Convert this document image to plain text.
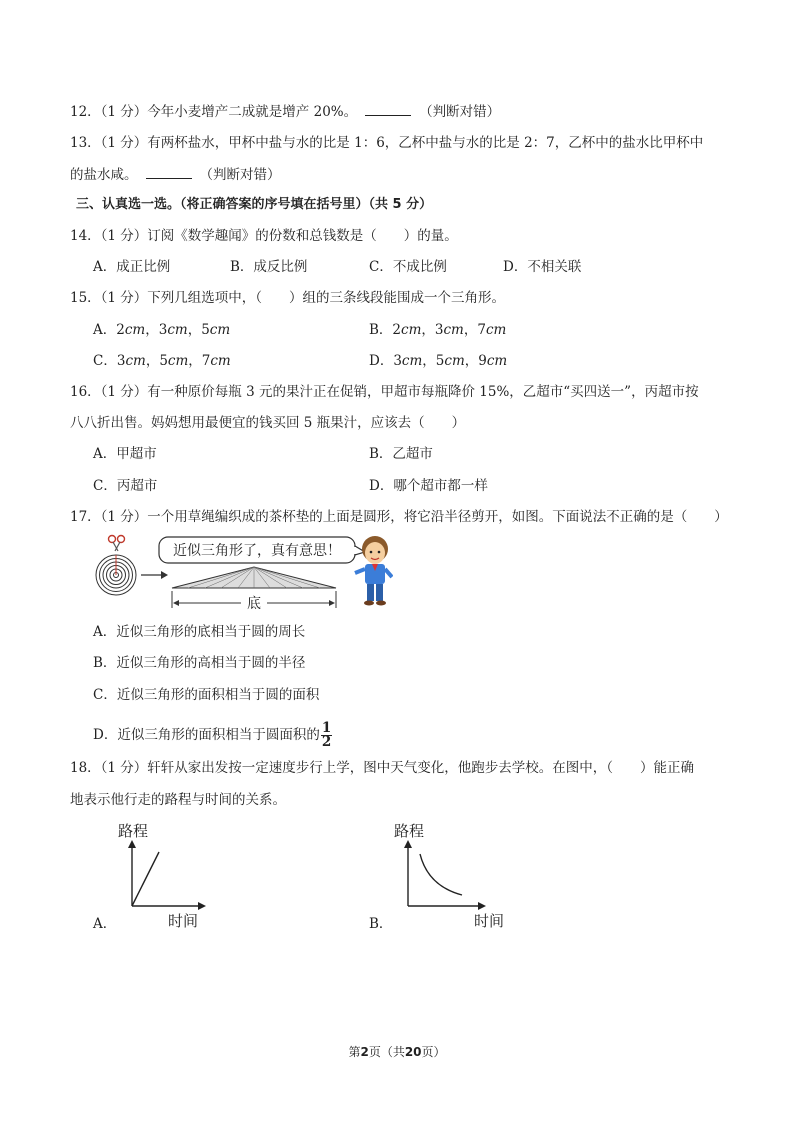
12．（1 分）今年小麦增产二成就是增产 20%。	（判断对错）
13．（1 分）有两杯盐水，甲杯中盐与水的比是 1：6，乙杯中盐与水的比是 2：7，乙杯中的盐水比甲杯中
的盐水咸。	（判断对错）
三、认真选一选。（将正确答案的序号填在括号里）（共 5 分）
14．（1 分）订阅《数学趣闻》的份数和总钱数是（　　）的量。
A．成正比例	B．成反比例	C．不成比例	D．不相关联
15．（1 分）下列几组选项中，（　　）组的三条线段能围成一个三角形。
A．2cm，3cm，5cm	B．2cm，3cm，7cm
C．3cm，5cm，7cm	D．3cm，5cm，9cm
16．（1 分）有一种原价每瓶 3 元的果汁正在促销，甲超市每瓶降价 15%，乙超市“买四送一”，丙超市按
八八折出售。妈妈想用最便宜的钱买回 5 瓶果汁，应该去（　　）
A．甲超市	B．乙超市
C．丙超市	D．哪个超市都一样
17．（1 分）一个用草绳编织成的茶杯垫的上面是圆形，将它沿半径剪开，如图。下面说法不正确的是（　　）
底
近似三角形了，真有意思！
A．近似三角形的底相当于圆的周长
B．近似三角形的高相当于圆的半径
C．近似三角形的面积相当于圆的面积
D．近似三角形的面积相当于圆面积的 $\frac{1}{2}$
18．（1 分）轩轩从家出发按一定速度步行上学，图中天气变化，他跑步去学校。在图中，（　　）能正确
地表示他行走的路程与时间的关系。
A．
路程
时间	B．
路程
时间
第2页（共20页）
